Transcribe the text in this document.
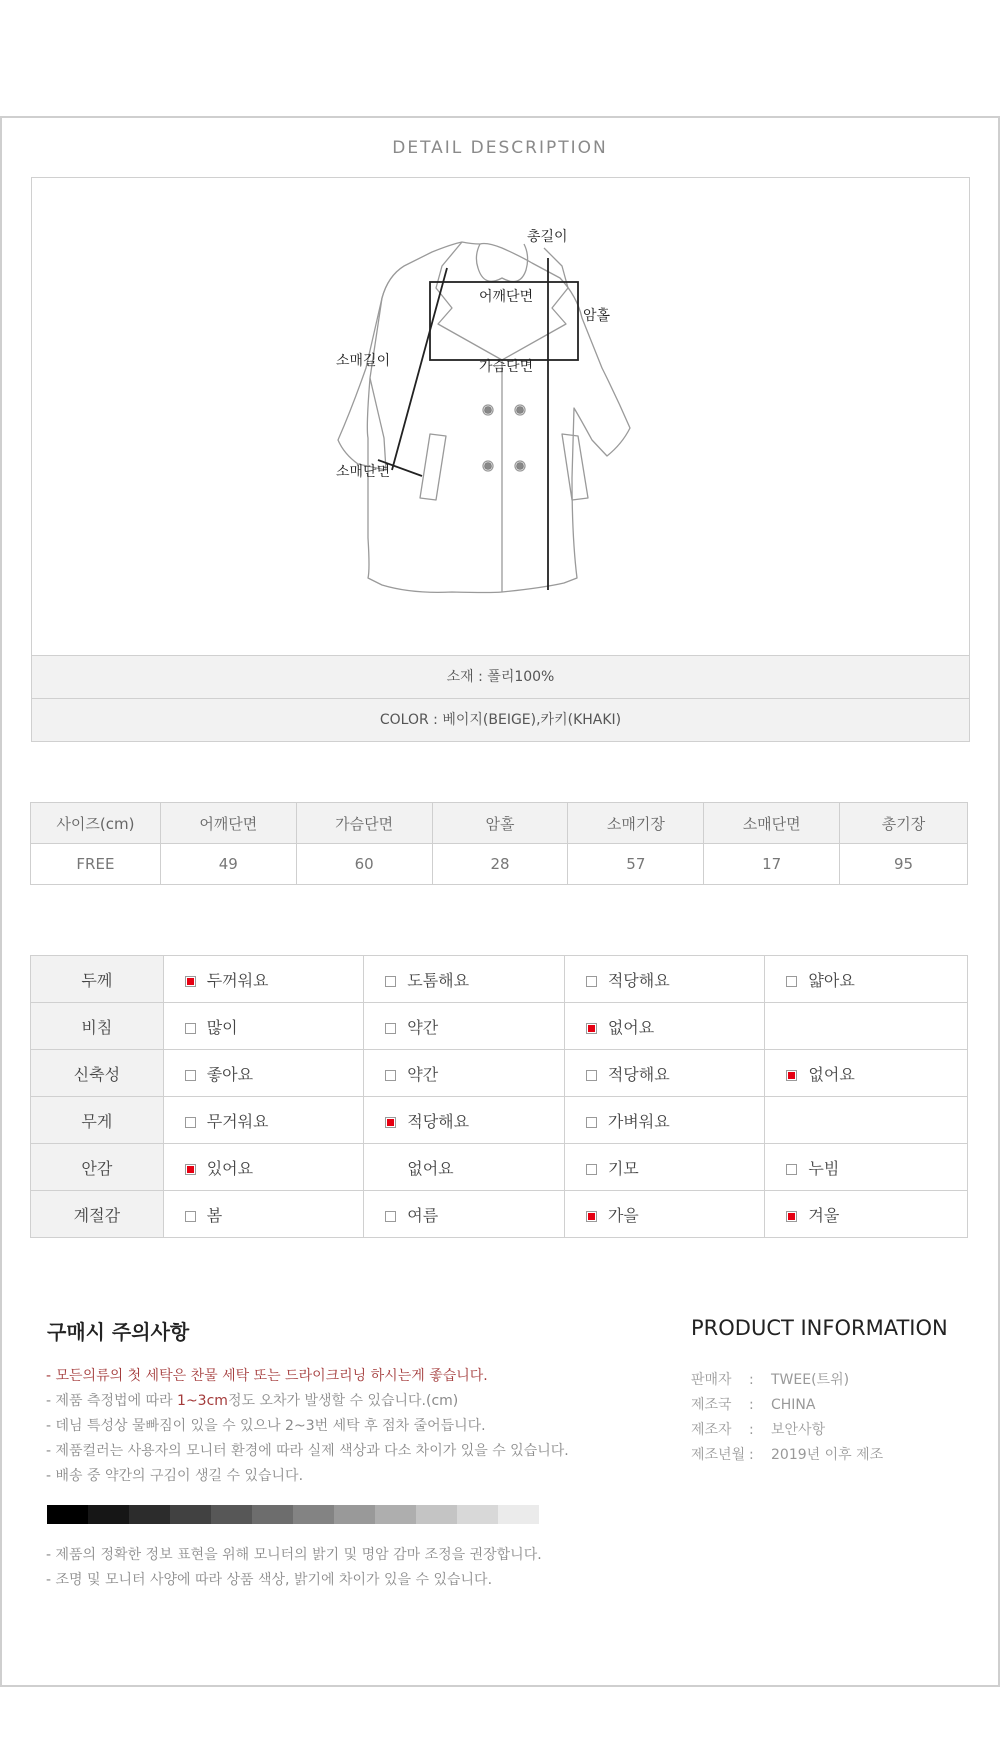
DETAIL DESCRIPTION
총길이
어깨단면
암홀
소매길이	가슴단면
소매단면
소재 : 폴리100%
COLOR : 베이지(BEIGE),카키(KHAKI)
사이즈(cm)	어깨단면	가슴단면	암홀	소매기장	소매단면	총기장
FREE	49	60	28	57	17	95
두께	두꺼워요	도톰해요	적당해요	얇아요
비침	많이	약간	없어요	
신축성	좋아요	약간	적당해요	없어요
무게	무거워요	적당해요	가벼워요	
안감	있어요	없어요	기모	누빔
계절감	봄	여름	가을	겨울
구매시 주의사항
- 모든의류의 첫 세탁은 찬물 세탁 또는 드라이크리닝 하시는게 좋습니다.
- 제품 측정법에 따라 1~3cm정도 오차가 발생할 수 있습니다.(cm)
- 데님 특성상 물빠짐이 있을 수 있으나 2~3번 세탁 후 점차 줄어듭니다.
- 제품컬러는 사용자의 모니터 환경에 따라 실제 색상과 다소 차이가 있을 수 있습니다.
- 배송 중 약간의 구김이 생길 수 있습니다.
- 제품의 정확한 정보 표현을 위해 모니터의 밝기 및 명암 감마 조정을 권장합니다.
- 조명 및 모니터 사양에 따라 상품 색상, 밝기에 차이가 있을 수 있습니다.
PRODUCT INFORMATION
판매자 : TWEE(트위)
제조국 : CHINA
제조자 : 보안사항
제조년월 : 2019년 이후 제조
